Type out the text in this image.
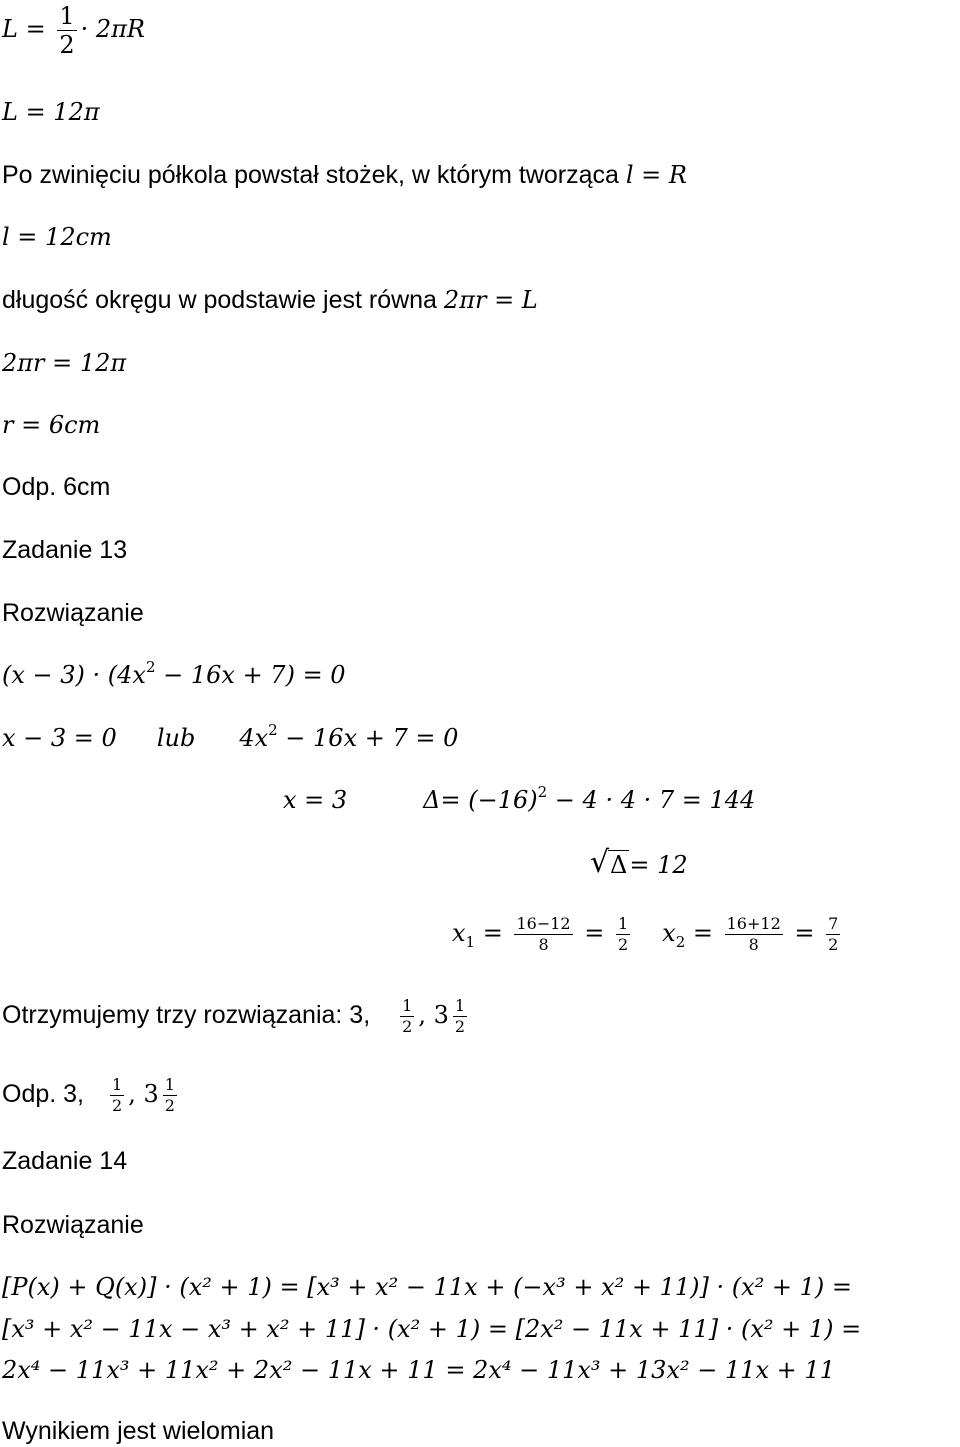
$L = \frac{1}{2} \cdot 2\pi R$
L = 12π
Po zwinięciu półkola powstał stożek, w którym tworząca l = R
l = 12cm
długość okręgu w podstawie jest równa 2πr = L
2πr = 12π
r = 6cm
Odp. 6cm
Zadanie 13
Rozwiązanie
$(x - 3) \cdot (4x^2 - 16x + 7) = 0$
x − 3 = 0 lub $4x^2 - 16x + 7 = 0$
x = 3	$\Delta= (-16)^2 - 4 \cdot 4 \cdot 7 = 144$
√ Δ= 12
$x_1 = \frac{16-12}{8} = \frac{1}{2} x_2 = \frac{16+12}{8} = \frac{7}{2}$
Otrzymujemy trzy rozwiązania: 3, $\frac{1}{2}$ , $3 \frac{1}{2}$
Odp. 3, $\frac{1}{2}$ , $3 \frac{1}{2}$
Zadanie 14
Rozwiązanie
[P(x) + Q(x)] · (x² + 1) = [x³ + x² − 11x + (−x³ + x² + 11)] · (x² + 1) =
[x³ + x² − 11x − x³ + x² + 11] · (x² + 1) = [2x² − 11x + 11] · (x² + 1) =
2x⁴ − 11x³ + 11x² + 2x² − 11x + 11 = 2x⁴ − 11x³ + 13x² − 11x + 11
Wynikiem jest wielomian
